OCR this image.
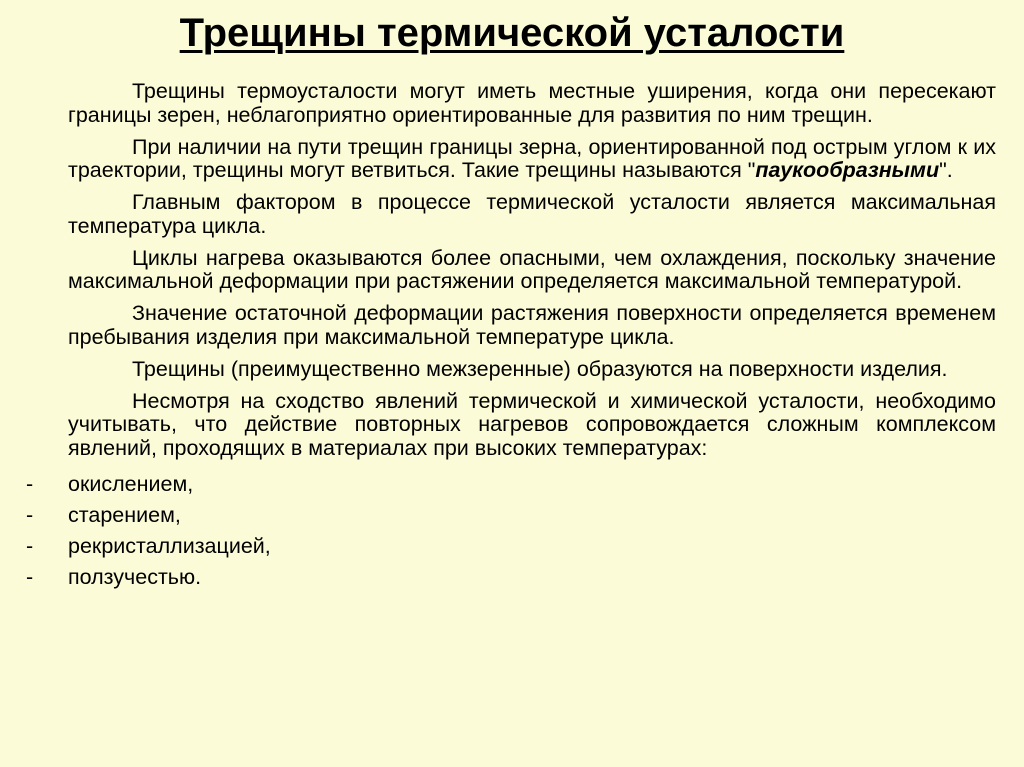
Трещины термической усталости

Трещины термоусталости могут иметь местные уширения, когда они пересекают границы зерен, неблагоприятно ориентированные для развития по ним трещин.

При наличии на пути трещин границы зерна, ориентированной под острым углом к их траектории, трещины могут ветвиться. Такие трещины называются "паукообразными".

Главным фактором в процессе термической усталости является максимальная температура цикла.

Циклы нагрева оказываются более опасными, чем охлаждения, поскольку значение максимальной деформации при растяжении определяется максимальной температурой.

Значение остаточной деформации растяжения поверхности определяется временем пребывания изделия при максимальной температуре цикла.

Трещины (преимущественно межзеренные) образуются на поверхности изделия.

Несмотря на сходство явлений термической и химической усталости, необходимо учитывать, что действие повторных нагревов сопровождается сложным комплексом явлений, проходящих в материалах при высоких температурах:

- окислением,
- старением,
- рекристаллизацией,
- ползучестью.
